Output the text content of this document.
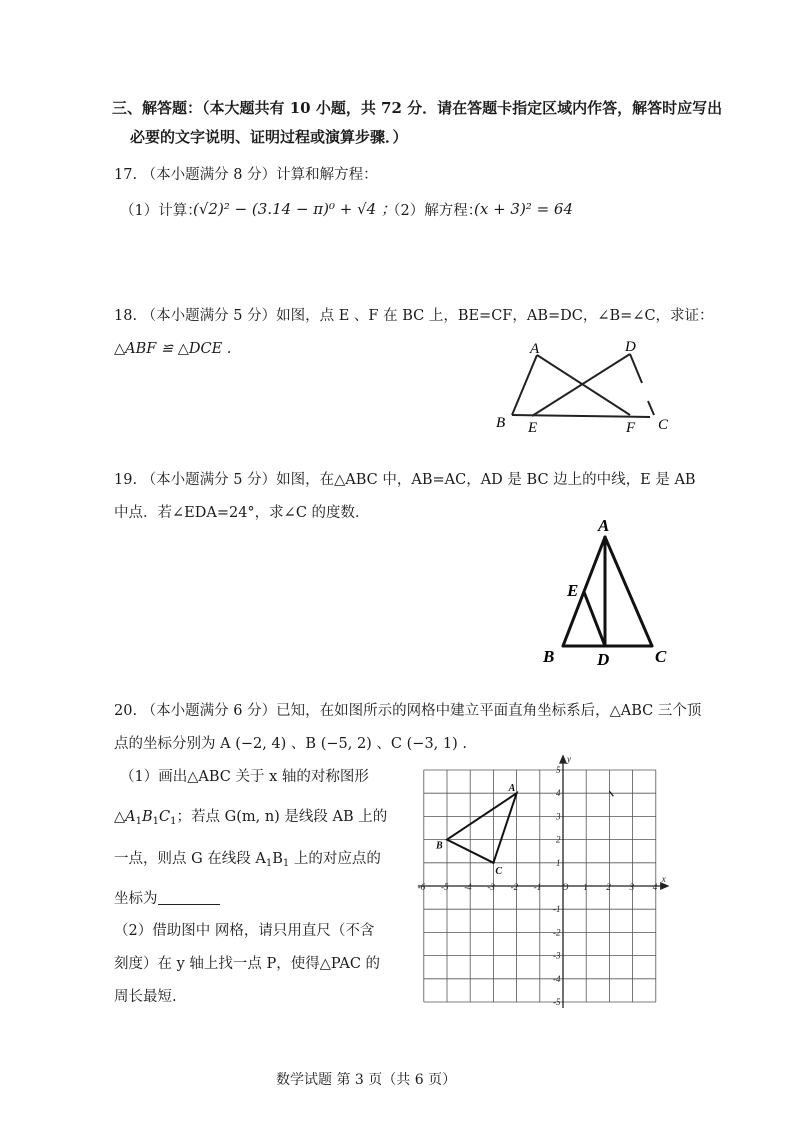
三、解答题：（本大题共有 10 小题，共 72 分．请在答题卡指定区域内作答，解答时应写出
必要的文字说明、证明过程或演算步骤．）
17. （本小题满分 8 分）计算和解方程：
（1）计算：
(√2)² − (3.14 − π)⁰ + √4 ；
（2）解方程：
(x + 3)² = 64
18. （本小题满分 5 分）如图，点 E 、F 在 BC 上，BE=CF，AB=DC，∠B=∠C，求证：
△ABF ≌ △DCE .	A	D
B E	F C
19. （本小题满分 5 分）如图，在△ABC 中，AB=AC，AD 是 BC 边上的中线，E 是 AB
中点．若∠EDA=24°，求∠C 的度数．
A
E
B	D	C
20. （本小题满分 6 分）已知，在如图所示的网格中建立平面直角坐标系后，△ABC 三个顶
点的坐标分别为 A (−2, 4) 、B (−5, 2) 、C (−3, 1) .
（1）画出△ABC 关于 x 轴的对称图形
$\triangle A_1B_1C_1$；若点 G(m, n) 是线段 AB 上的
一点，则点 G 在线段 $A_1B_1$ 上的对应点的
坐标为
（2）借助图中 网格，请只用直尺（不含
刻度）在 y 轴上找一点 P，使得△PAC 的
周长最短.
-6 -5 -4 -3 -2 -1	1 2 3 4
5
4
3
2
1
-1
-2
-3
-4
-5
O
x
y
A
B
C
数学试题 第 3 页（共 6 页）
